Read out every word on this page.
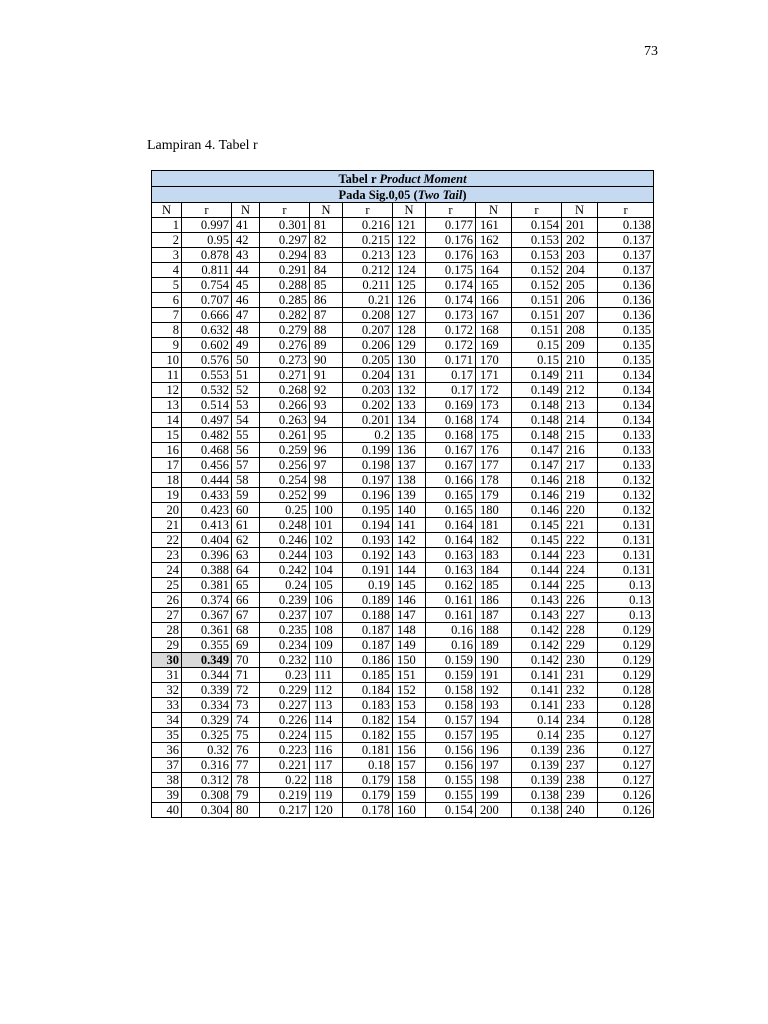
73
Lampiran 4. Tabel r
Tabel r Product Moment											
Pada Sig.0,05 (Two Tail)											
N	r	N	r	N	r	N	r	N	r	N	r
1	0.997	41	0.301	81	0.216	121	0.177	161	0.154	201	0.138
2	0.95	42	0.297	82	0.215	122	0.176	162	0.153	202	0.137
3	0.878	43	0.294	83	0.213	123	0.176	163	0.153	203	0.137
4	0.811	44	0.291	84	0.212	124	0.175	164	0.152	204	0.137
5	0.754	45	0.288	85	0.211	125	0.174	165	0.152	205	0.136
6	0.707	46	0.285	86	0.21	126	0.174	166	0.151	206	0.136
7	0.666	47	0.282	87	0.208	127	0.173	167	0.151	207	0.136
8	0.632	48	0.279	88	0.207	128	0.172	168	0.151	208	0.135
9	0.602	49	0.276	89	0.206	129	0.172	169	0.15	209	0.135
10	0.576	50	0.273	90	0.205	130	0.171	170	0.15	210	0.135
11	0.553	51	0.271	91	0.204	131	0.17	171	0.149	211	0.134
12	0.532	52	0.268	92	0.203	132	0.17	172	0.149	212	0.134
13	0.514	53	0.266	93	0.202	133	0.169	173	0.148	213	0.134
14	0.497	54	0.263	94	0.201	134	0.168	174	0.148	214	0.134
15	0.482	55	0.261	95	0.2	135	0.168	175	0.148	215	0.133
16	0.468	56	0.259	96	0.199	136	0.167	176	0.147	216	0.133
17	0.456	57	0.256	97	0.198	137	0.167	177	0.147	217	0.133
18	0.444	58	0.254	98	0.197	138	0.166	178	0.146	218	0.132
19	0.433	59	0.252	99	0.196	139	0.165	179	0.146	219	0.132
20	0.423	60	0.25	100	0.195	140	0.165	180	0.146	220	0.132
21	0.413	61	0.248	101	0.194	141	0.164	181	0.145	221	0.131
22	0.404	62	0.246	102	0.193	142	0.164	182	0.145	222	0.131
23	0.396	63	0.244	103	0.192	143	0.163	183	0.144	223	0.131
24	0.388	64	0.242	104	0.191	144	0.163	184	0.144	224	0.131
25	0.381	65	0.24	105	0.19	145	0.162	185	0.144	225	0.13
26	0.374	66	0.239	106	0.189	146	0.161	186	0.143	226	0.13
27	0.367	67	0.237	107	0.188	147	0.161	187	0.143	227	0.13
28	0.361	68	0.235	108	0.187	148	0.16	188	0.142	228	0.129
29	0.355	69	0.234	109	0.187	149	0.16	189	0.142	229	0.129
30	0.349	70	0.232	110	0.186	150	0.159	190	0.142	230	0.129
31	0.344	71	0.23	111	0.185	151	0.159	191	0.141	231	0.129
32	0.339	72	0.229	112	0.184	152	0.158	192	0.141	232	0.128
33	0.334	73	0.227	113	0.183	153	0.158	193	0.141	233	0.128
34	0.329	74	0.226	114	0.182	154	0.157	194	0.14	234	0.128
35	0.325	75	0.224	115	0.182	155	0.157	195	0.14	235	0.127
36	0.32	76	0.223	116	0.181	156	0.156	196	0.139	236	0.127
37	0.316	77	0.221	117	0.18	157	0.156	197	0.139	237	0.127
38	0.312	78	0.22	118	0.179	158	0.155	198	0.139	238	0.127
39	0.308	79	0.219	119	0.179	159	0.155	199	0.138	239	0.126
40	0.304	80	0.217	120	0.178	160	0.154	200	0.138	240	0.126
